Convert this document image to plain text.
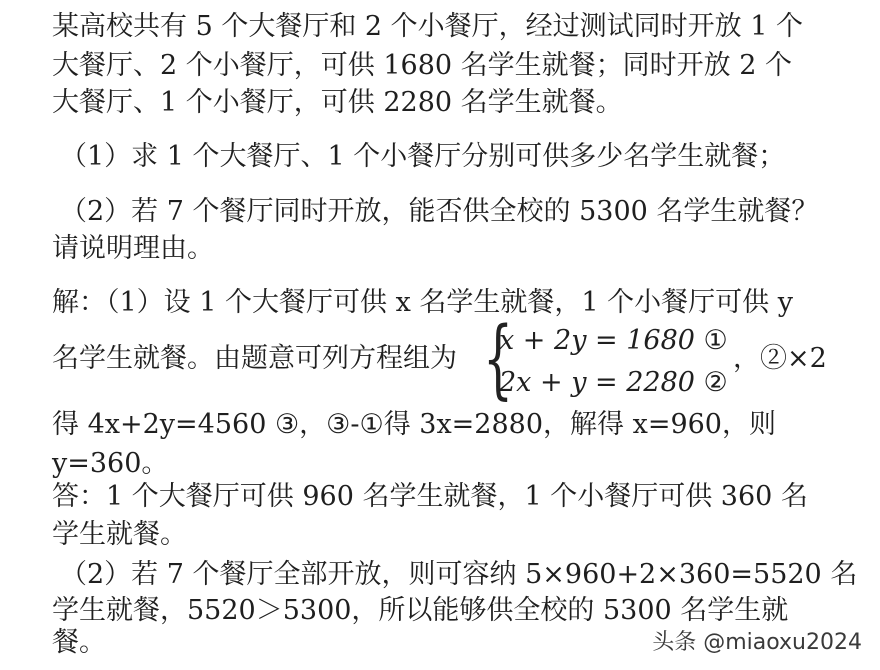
某高校共有 5 个大餐厅和 2 个小餐厅，经过测试同时开放 1 个
大餐厅、2 个小餐厅，可供 1680 名学生就餐；同时开放 2 个
大餐厅、1 个小餐厅，可供 2280 名学生就餐。
（1）求 1 个大餐厅、1 个小餐厅分别可供多少名学生就餐；
（2）若 7 个餐厅同时开放，能否供全校的 5300 名学生就餐？
请说明理由。
解：（1）设 1 个大餐厅可供 x 名学生就餐，1 个小餐厅可供 y
名学生就餐。由题意可列方程组为 {
x + 2y = 1680 ①
2x + y = 2280 ②
，②×2
得 4x+2y=4560 ③，③-①得 3x=2880，解得 x=960，则
y=360。
答：1 个大餐厅可供 960 名学生就餐，1 个小餐厅可供 360 名
学生就餐。
（2）若 7 个餐厅全部开放，则可容纳 5×960+2×360=5520 名
学生就餐，5520＞5300，所以能够供全校的 5300 名学生就
餐。	头条 @miaoxu2024
